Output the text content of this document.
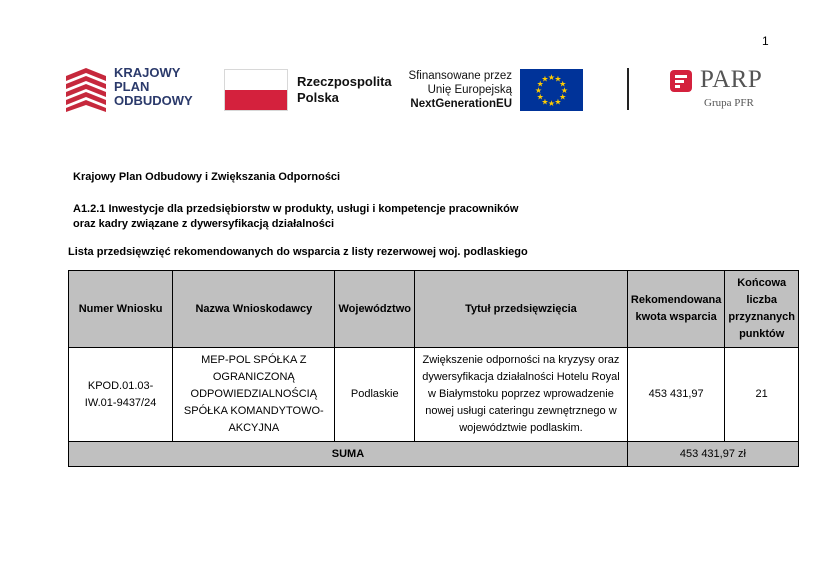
1
KRAJOWY
PLAN
ODBUDOWY
Rzeczpospolita
Polska
Sfinansowane przez
Unię Europejską
NextGenerationEU
★
★
★
★
★
★
★
★
★ ★ ★
★	PARP
Grupa PFR
Krajowy Plan Odbudowy i Zwiększania Odporności
A1.2.1 Inwestycje dla przedsiębiorstw w produkty, usługi i kompetencje pracowników oraz kadry związane z dywersyfikacją działalności
Lista przedsięwzięć rekomendowanych do wsparcia z listy rezerwowej woj. podlaskiego
Numer Wniosku	Nazwa Wnioskodawcy	Województwo	Tytuł przedsięwzięcia	Rekomendowana kwota wsparcia	Końcowa liczba przyznanych punktów
KPOD.01.03-IW.01-9437/24	MEP-POL SPÓŁKA Z OGRANICZONĄ ODPOWIEDZIALNOŚCIĄ SPÓŁKA KOMANDYTOWO-AKCYJNA	Podlaskie	Zwiększenie odporności na kryzysy oraz dywersyfikacja działalności Hotelu Royal w Białymstoku poprzez wprowadzenie nowej usługi cateringu zewnętrznego w województwie podlaskim.	453 431,97	21
SUMA				453 431,97 zł	
